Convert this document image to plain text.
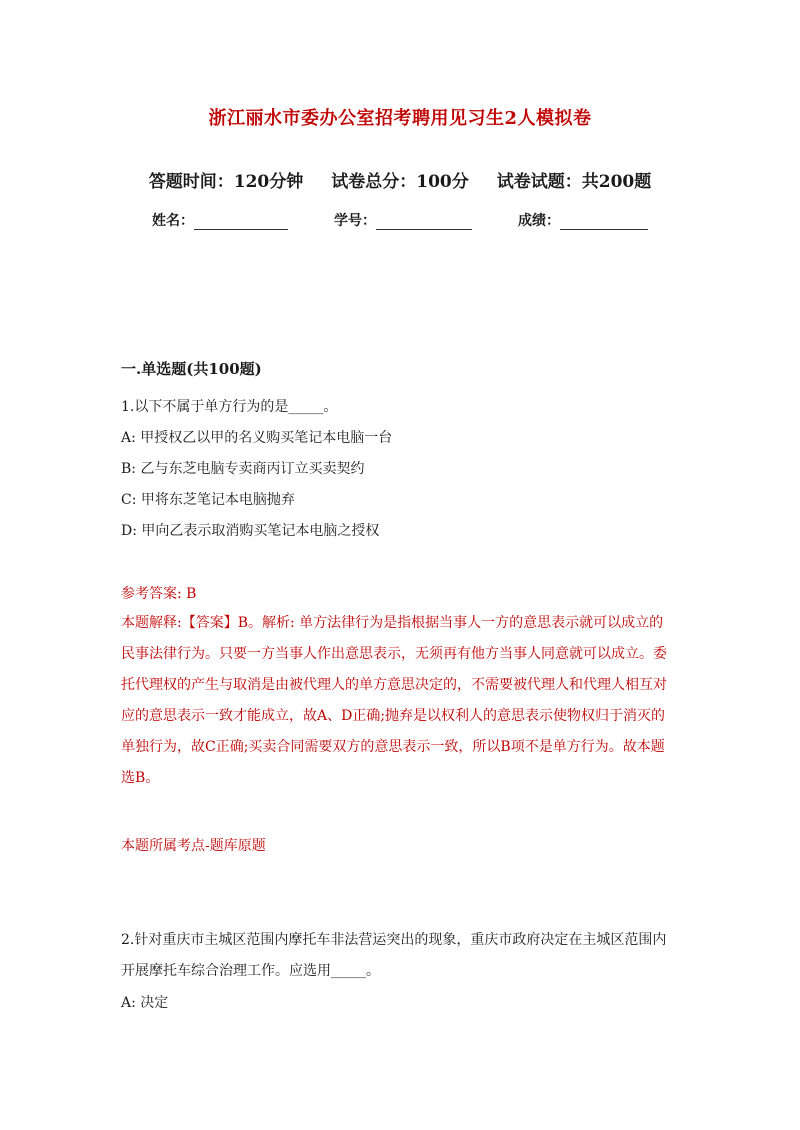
浙江丽水市委办公室招考聘用见习生2人模拟卷
答题时间：120分钟 试卷总分：100分 试卷试题：共200题
姓名：	学号：	成绩：
一.单选题(共100题)
1.以下不属于单方行为的是_____。
A: 甲授权乙以甲的名义购买笔记本电脑一台
B: 乙与东芝电脑专卖商丙订立买卖契约
C: 甲将东芝笔记本电脑抛弃
D: 甲向乙表示取消购买笔记本电脑之授权
参考答案: B
本题解释:【答案】B。解析: 单方法律行为是指根据当事人一方的意思表示就可以成立的民事法律行为。只要一方当事人作出意思表示，无须再有他方当事人同意就可以成立。委托代理权的产生与取消是由被代理人的单方意思决定的，不需要被代理人和代理人相互对应的意思表示一致才能成立，故A、D正确;抛弃是以权利人的意思表示使物权归于消灭的单独行为，故C正确;买卖合同需要双方的意思表示一致，所以B项不是单方行为。故本题选B。
本题所属考点-题库原题
2.针对重庆市主城区范围内摩托车非法营运突出的现象，重庆市政府决定在主城区范围内开展摩托车综合治理工作。应选用_____。
A: 决定
